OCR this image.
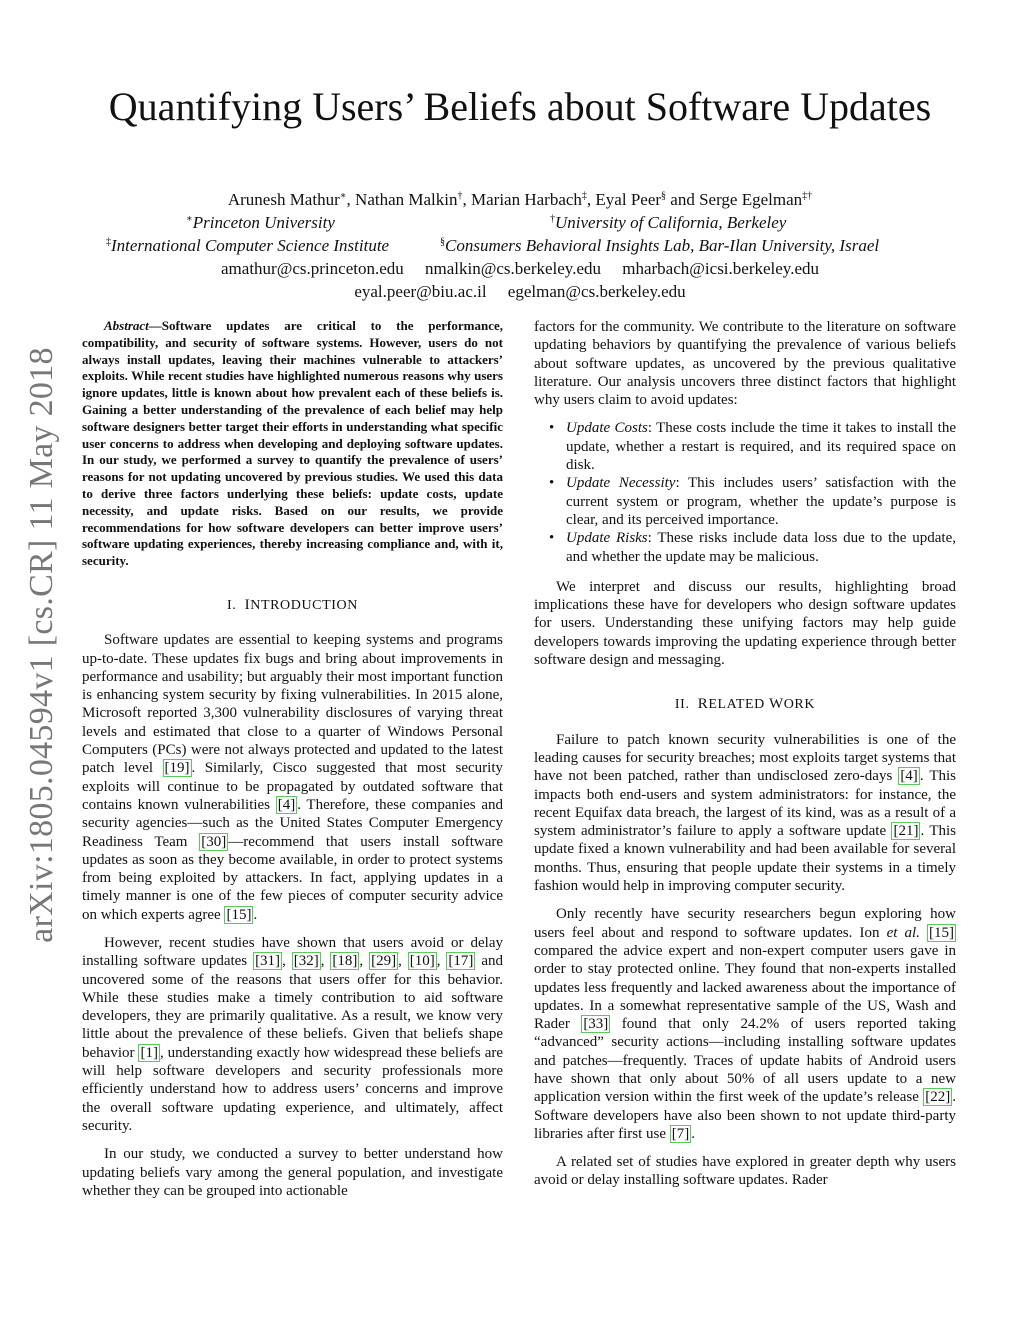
arXiv:1805.04594v1 [cs.CR] 11 May 2018
Quantifying Users’ Beliefs about Software Updates
Arunesh Mathur∗, Nathan Malkin†, Marian Harbach‡, Eyal Peer§ and Serge Egelman‡†
∗Princeton University	†University of California, Berkeley
‡International Computer Science Institute	§Consumers Behavioral Insights Lab, Bar-Ilan University, Israel
amathur@cs.princeton.edu     nmalkin@cs.berkeley.edu     mharbach@icsi.berkeley.edu
eyal.peer@biu.ac.il     egelman@cs.berkeley.edu

Abstract—Software updates are critical to the performance, compatibility, and security of software systems. However, users do not always install updates, leaving their machines vulnerable to attackers’ exploits. While recent studies have highlighted numerous reasons why users ignore updates, little is known about how prevalent each of these beliefs is. Gaining a better understanding of the prevalence of each belief may help software designers better target their efforts in understanding what specific user concerns to address when developing and deploying software updates. In our study, we performed a survey to quantify the prevalence of users’ reasons for not updating uncovered by previous studies. We used this data to derive three factors underlying these beliefs: update costs, update necessity, and update risks. Based on our results, we provide recommendations for how software developers can better improve users’ software updating experiences, thereby increasing compliance and, with it, security.

I. INTRODUCTION

Software updates are essential to keeping systems and programs up-to-date. These updates fix bugs and bring about improvements in performance and usability; but arguably their most important function is enhancing system security by fixing vulnerabilities. In 2015 alone, Microsoft reported 3,300 vulnerability disclosures of varying threat levels and estimated that close to a quarter of Windows Personal Computers (PCs) were not always protected and updated to the latest patch level [19] . Similarly, Cisco suggested that most security exploits will continue to be propagated by outdated software that contains known vulnerabilities [4] . Therefore, these companies and security agencies—such as the United States Computer Emergency Readiness Team [30] —recommend that users install software updates as soon as they become available, in order to protect systems from being exploited by attackers. In fact, applying updates in a timely manner is one of the few pieces of computer security advice on which experts agree [15] .

However, recent studies have shown that users avoid or delay installing software updates [31] , [32] , [18] , [29] , [10] , [17] and uncovered some of the reasons that users offer for this behavior. While these studies make a timely contribution to aid software developers, they are primarily qualitative. As a result, we know very little about the prevalence of these beliefs. Given that beliefs shape behavior [1] , understanding exactly how widespread these beliefs are will help software developers and security professionals more efficiently understand how to address users’ concerns and improve the overall software updating experience, and ultimately, affect security.

In our study, we conducted a survey to better understand how updating beliefs vary among the general population, and investigate whether they can be grouped into actionable

factors for the community. We contribute to the literature on software updating behaviors by quantifying the prevalence of various beliefs about software updates, as uncovered by the previous qualitative literature. Our analysis uncovers three distinct factors that highlight why users claim to avoid updates:

• Update Costs: These costs include the time it takes to install the update, whether a restart is required, and its required space on disk.
• Update Necessity: This includes users’ satisfaction with the current system or program, whether the update’s purpose is clear, and its perceived importance.
• Update Risks: These risks include data loss due to the update, and whether the update may be malicious.

We interpret and discuss our results, highlighting broad implications these have for developers who design software updates for users. Understanding these unifying factors may help guide developers towards improving the updating experience through better software design and messaging.

II. RELATED WORK

Failure to patch known security vulnerabilities is one of the leading causes for security breaches; most exploits target systems that have not been patched, rather than undisclosed zero-days [4] . This impacts both end-users and system administrators: for instance, the recent Equifax data breach, the largest of its kind, was as a result of a system administrator’s failure to apply a software update [21] . This update fixed a known vulnerability and had been available for several months. Thus, ensuring that people update their systems in a timely fashion would help in improving computer security.

Only recently have security researchers begun exploring how users feel about and respond to software updates. Ion et al. [15] compared the advice expert and non-expert computer users gave in order to stay protected online. They found that non-experts installed updates less frequently and lacked awareness about the importance of updates. In a somewhat representative sample of the US, Wash and Rader [33] found that only 24.2% of users reported taking “advanced” security actions—including installing software updates and patches—frequently. Traces of update habits of Android users have shown that only about 50% of all users update to a new application version within the first week of the update’s release [22] . Software developers have also been shown to not update third-party libraries after first use [7] .

A related set of studies have explored in greater depth why users avoid or delay installing software updates. Rader
